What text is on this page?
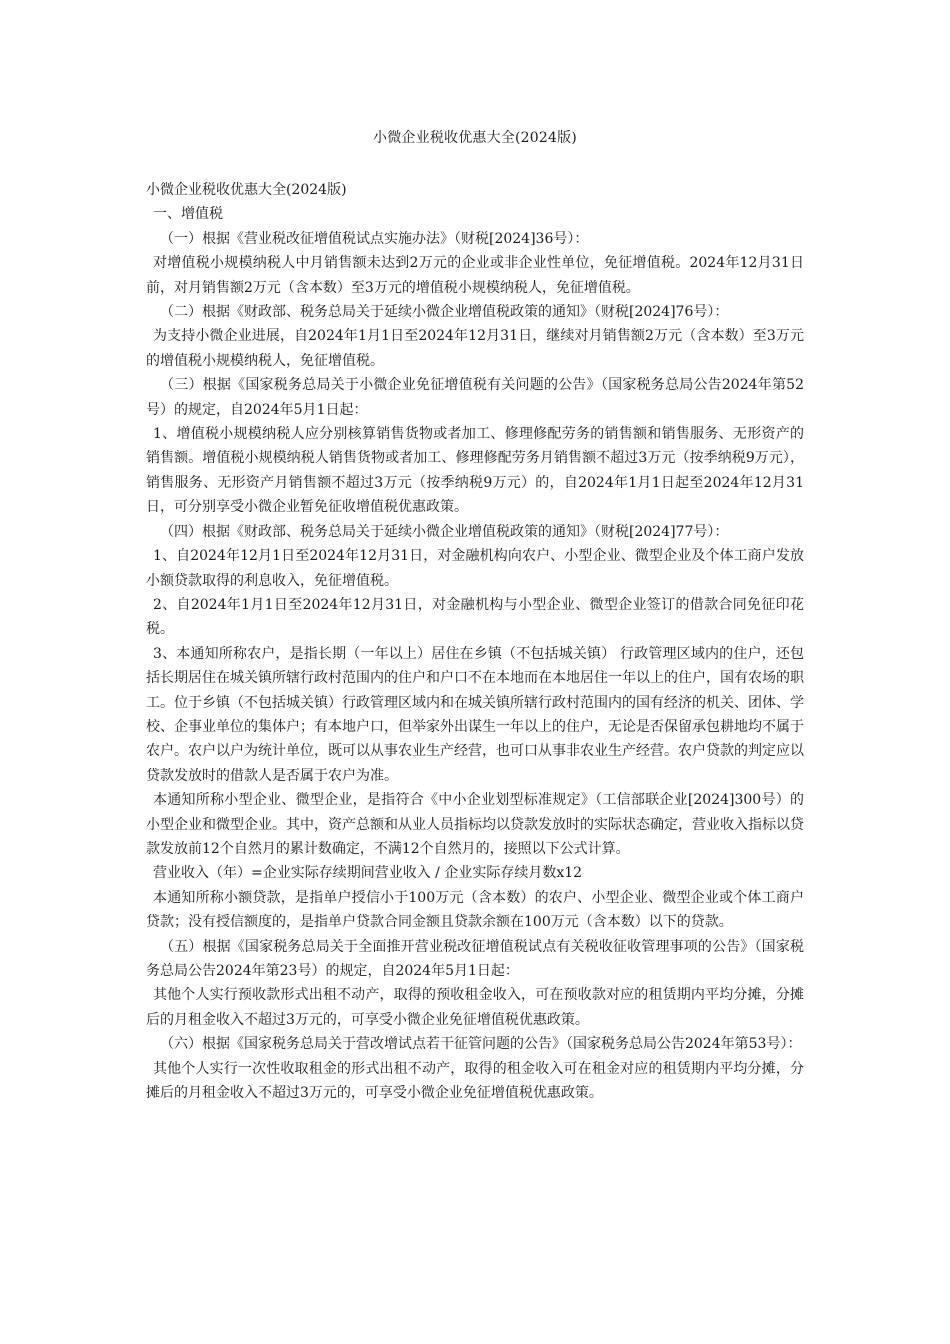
小微企业税收优惠大全(2024版)

小微企业税收优惠大全(2024版)

一、增值税

（一）根据《营业税改征增值税试点实施办法》（财税[2024]36号）：

对增值税小规模纳税人中月销售额未达到2万元的企业或非企业性单位，免征增值税。2024年12月31日前，对月销售额2万元（含本数）至3万元的增值税小规模纳税人，免征增值税。

（二）根据《财政部、税务总局关于延续小微企业增值税政策的通知》（财税[2024]76号）：

为支持小微企业进展，自2024年1月1日至2024年12月31日，继续对月销售额2万元（含本数）至3万元的增值税小规模纳税人，免征增值税。

（三）根据《国家税务总局关于小微企业免征增值税有关问题的公告》（国家税务总局公告2024年第52号）的规定，自2024年5月1日起：

1、增值税小规模纳税人应分别核算销售货物或者加工、修理修配劳务的销售额和销售服务、无形资产的销售额。增值税小规模纳税人销售货物或者加工、修理修配劳务月销售额不超过3万元（按季纳税9万元），销售服务、无形资产月销售额不超过3万元（按季纳税9万元）的，自2024年1月1日起至2024年12月31日，可分别享受小微企业暂免征收增值税优惠政策。

（四）根据《财政部、税务总局关于延续小微企业增值税政策的通知》（财税[2024]77号）：

1、自2024年12月1日至2024年12月31日，对金融机构向农户、小型企业、微型企业及个体工商户发放小额贷款取得的利息收入，免征增值税。

2、自2024年1月1日至2024年12月31日，对金融机构与小型企业、微型企业签订的借款合同免征印花税。

3、本通知所称农户，是指长期（一年以上）居住在乡镇（不包括城关镇） 行政管理区域内的住户，还包括长期居住在城关镇所辖行政村范围内的住户和户口不在本地而在本地居住一年以上的住户，国有农场的职工。位于乡镇（不包括城关镇）行政管理区域内和在城关镇所辖行政村范围内的国有经济的机关、团体、学校、企事业单位的集体户；有本地户口，但举家外出谋生一年以上的住户，无论是否保留承包耕地均不属于农户。农户以户为统计单位，既可以从事农业生产经营，也可口从事非农业生产经营。农户贷款的判定应以贷款发放时的借款人是否属于农户为准。

本通知所称小型企业、微型企业，是指符合《中小企业划型标准规定》（工信部联企业[2024]300号）的小型企业和微型企业。其中，资产总额和从业人员指标均以贷款发放时的实际状态确定，营业收入指标以贷款发放前12个自然月的累计数确定，不满12个自然月的，接照以下公式计算。

营业收入（年）=企业实际存续期间营业收入 / 企业实际存续月数x12

本通知所称小额贷款，是指单户授信小于100万元（含本数）的农户、小型企业、微型企业或个体工商户贷款；没有授信额度的，是指单户贷款合同金额且贷款余额在100万元（含本数）以下的贷款。

（五）根据《国家税务总局关于全面推开营业税改征增值税试点有关税收征收管理事项的公告》（国家税务总局公告2024年第23号）的规定，自2024年5月1日起：

其他个人实行预收款形式出租不动产，取得的预收租金收入，可在预收款对应的租赁期内平均分摊，分摊后的月租金收入不超过3万元的，可享受小微企业免征增值税优惠政策。

（六）根据《国家税务总局关于营改增试点若干征管问题的公告》（国家税务总局公告2024年第53号）：

其他个人实行一次性收取租金的形式出租不动产，取得的租金收入可在租金对应的租赁期内平均分摊，分摊后的月租金收入不超过3万元的，可享受小微企业免征增值税优惠政策。
